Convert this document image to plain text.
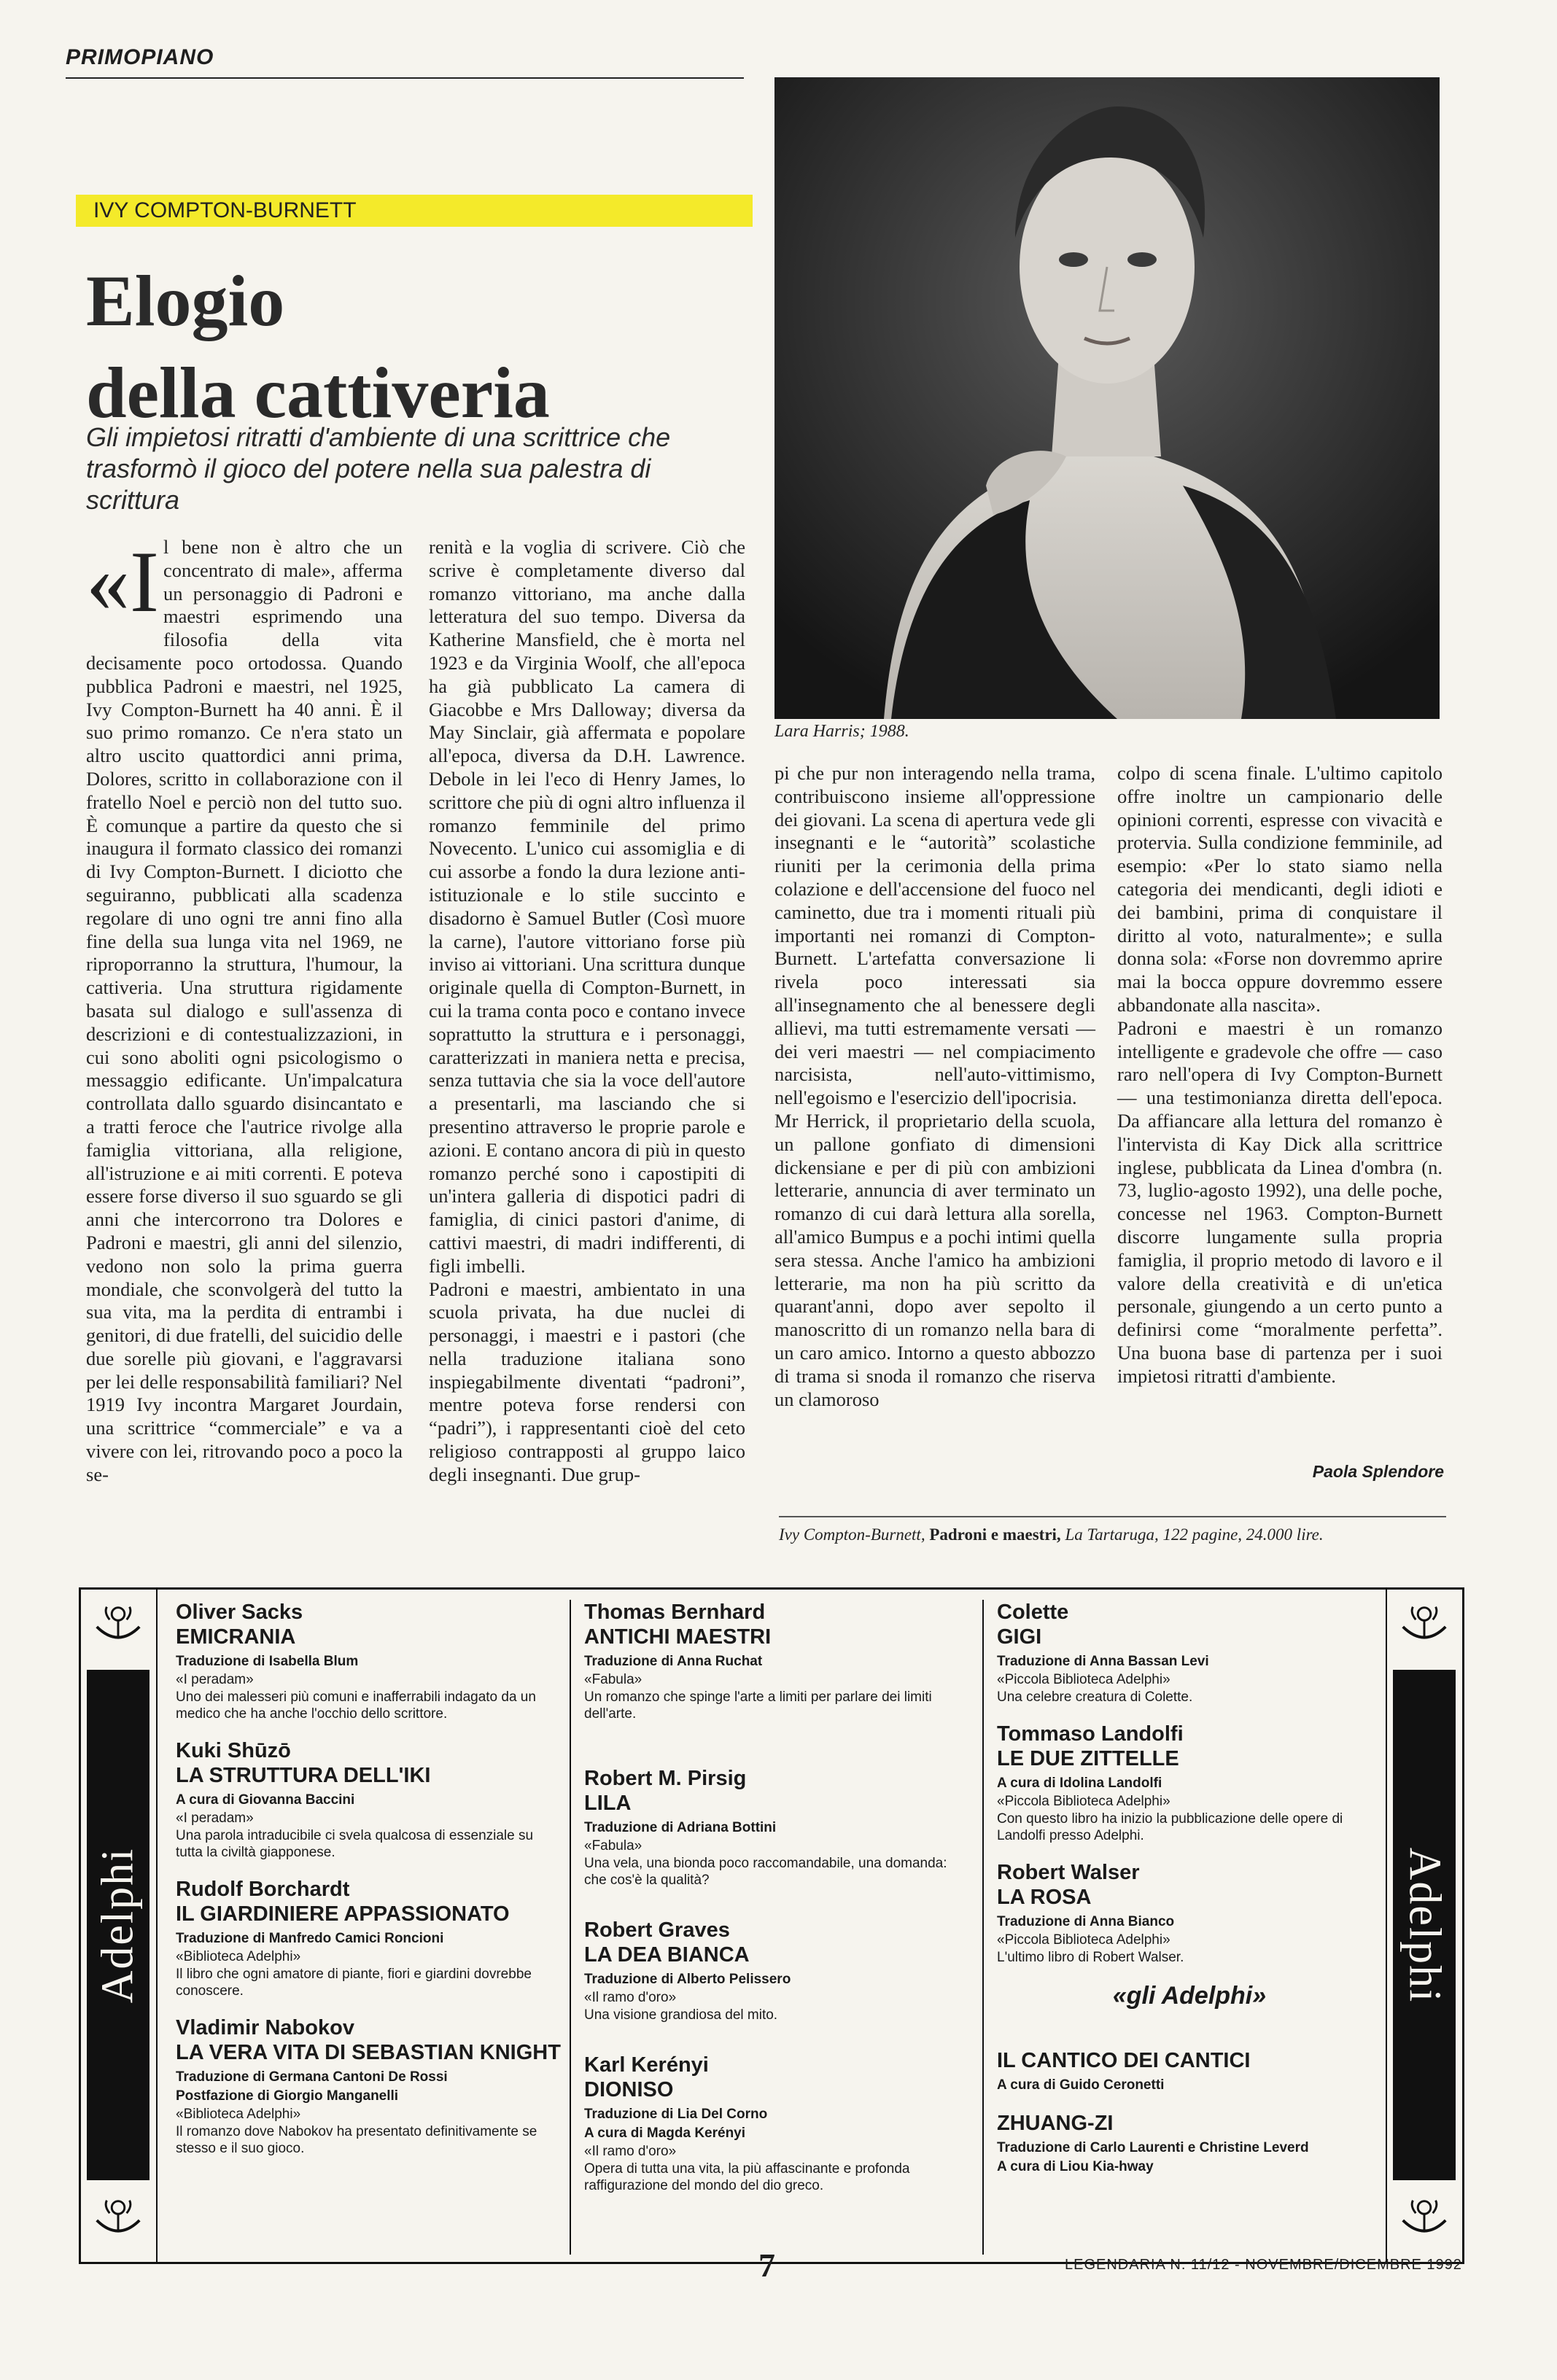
PRIMOPIANO
IVY COMPTON-BURNETT
Elogio
della cattiveria
Gli impietosi ritratti d'ambiente di una scrittrice che trasformò il gioco del potere nella sua palestra di scrittura
Lara Harris; 1988.

«Il bene non è altro che un concentrato di male», afferma un personaggio di Padroni e maestri esprimendo una filosofia della vita decisamente poco ortodossa. Quando pubblica Padroni e maestri, nel 1925, Ivy Compton-Burnett ha 40 anni. È il suo primo romanzo. Ce n'era stato un altro uscito quattordici anni prima, Dolores, scritto in collaborazione con il fratello Noel e perciò non del tutto suo. È comunque a partire da questo che si inaugura il formato classico dei romanzi di Ivy Compton-Burnett. I diciotto che seguiranno, pubblicati alla scadenza regolare di uno ogni tre anni fino alla fine della sua lunga vita nel 1969, ne riproporranno la struttura, l'humour, la cattiveria. Una struttura rigidamente basata sul dialogo e sull'assenza di descrizioni e di contestualizzazioni, in cui sono aboliti ogni psicologismo o messaggio edificante. Un'impalcatura controllata dallo sguardo disincantato e a tratti feroce che l'autrice rivolge alla famiglia vittoriana, alla religione, all'istruzione e ai miti correnti. E poteva essere forse diverso il suo sguardo se gli anni che intercorrono tra Dolores e Padroni e maestri, gli anni del silenzio, vedono non solo la prima guerra mondiale, che sconvolgerà del tutto la sua vita, ma la perdita di entrambi i genitori, di due fratelli, del suicidio delle due sorelle più giovani, e l'aggravarsi per lei delle responsabilità familiari? Nel 1919 Ivy incontra Margaret Jourdain, una scrittrice “commerciale” e va a vivere con lei, ritrovando poco a poco la se-

renità e la voglia di scrivere. Ciò che scrive è completamente diverso dal romanzo vittoriano, ma anche dalla letteratura del suo tempo. Diversa da Katherine Mansfield, che è morta nel 1923 e da Virginia Woolf, che all'epoca ha già pubblicato La camera di Giacobbe e Mrs Dalloway; diversa da May Sinclair, già affermata e popolare all'epoca, diversa da D.H. Lawrence. Debole in lei l'eco di Henry James, lo scrittore che più di ogni altro influenza il romanzo femminile del primo Novecento. L'unico cui assomiglia e di cui assorbe a fondo la dura lezione anti-istituzionale e lo stile succinto e disadorno è Samuel Butler (Così muore la carne), l'autore vittoriano forse più inviso ai vittoriani. Una scrittura dunque originale quella di Compton-Burnett, in cui la trama conta poco e contano invece soprattutto la struttura e i personaggi, caratterizzati in maniera netta e precisa, senza tuttavia che sia la voce dell'autore a presentarli, ma lasciando che si presentino attraverso le proprie parole e azioni. E contano ancora di più in questo romanzo perché sono i capostipiti di un'intera galleria di dispotici padri di famiglia, di cinici pastori d'anime, di cattivi maestri, di madri indifferenti, di figli imbelli.

Padroni e maestri, ambientato in una scuola privata, ha due nuclei di personaggi, i maestri e i pastori (che nella traduzione italiana sono inspiegabilmente diventati “padroni”, mentre poteva forse rendersi con “padri”), i rappresentanti cioè del ceto religioso contrapposti al gruppo laico degli insegnanti. Due grup-

pi che pur non interagendo nella trama, contribuiscono insieme all'oppressione dei giovani. La scena di apertura vede gli insegnanti e le “autorità” scolastiche riuniti per la cerimonia della prima colazione e dell'accensione del fuoco nel caminetto, due tra i momenti rituali più importanti nei romanzi di Compton-Burnett. L'artefatta conversazione li rivela poco interessati sia all'insegnamento che al benessere degli allievi, ma tutti estremamente versati — dei veri maestri — nel compiacimento narcisista, nell'auto-vittimismo, nell'egoismo e l'esercizio dell'ipocrisia.

Mr Herrick, il proprietario della scuola, un pallone gonfiato di dimensioni dickensiane e per di più con ambizioni letterarie, annuncia di aver terminato un romanzo di cui darà lettura alla sorella, all'amico Bumpus e a pochi intimi quella sera stessa. Anche l'amico ha ambizioni letterarie, ma non ha più scritto da quarant'anni, dopo aver sepolto il manoscritto di un romanzo nella bara di un caro amico. Intorno a questo abbozzo di trama si snoda il romanzo che riserva un clamoroso

colpo di scena finale. L'ultimo capitolo offre inoltre un campionario delle opinioni correnti, espresse con vivacità e protervia. Sulla condizione femminile, ad esempio: «Per lo stato siamo nella categoria dei mendicanti, degli idioti e dei bambini, prima di conquistare il diritto al voto, naturalmente»; e sulla donna sola: «Forse non dovremmo aprire mai la bocca oppure dovremmo essere abbandonate alla nascita».

Padroni e maestri è un romanzo intelligente e gradevole che offre — caso raro nell'opera di Ivy Compton-Burnett — una testimonianza diretta dell'epoca. Da affiancare alla lettura del romanzo è l'intervista di Kay Dick alla scrittrice inglese, pubblicata da Linea d'ombra (n. 73, luglio-agosto 1992), una delle poche, concesse nel 1963. Compton-Burnett discorre lungamente sulla propria famiglia, il proprio metodo di lavoro e il valore della creatività e di un'etica personale, giungendo a un certo punto a definirsi come “moralmente perfetta”. Una buona base di partenza per i suoi impietosi ritratti d'ambiente.

Paola Splendore
Ivy Compton-Burnett, Padroni e maestri, La Tartaruga, 122 pagine, 24.000 lire.
Adelphi
Oliver Sacks
EMICRANIA
Traduzione di Isabella Blum
«I peradam»
Uno dei malesseri più comuni e inafferrabili indagato da un medico che ha anche l'occhio dello scrittore.
Kuki Shūzō
LA STRUTTURA DELL'IKI
A cura di Giovanna Baccini
«I peradam»
Una parola intraducibile ci svela qualcosa di essenziale su tutta la civiltà giapponese.
Rudolf Borchardt
IL GIARDINIERE APPASSIONATO
Traduzione di Manfredo Camici Roncioni
«Biblioteca Adelphi»
Il libro che ogni amatore di piante, fiori e giardini dovrebbe conoscere.
Vladimir Nabokov
LA VERA VITA DI SEBASTIAN KNIGHT
Traduzione di Germana Cantoni De Rossi
Postfazione di Giorgio Manganelli
«Biblioteca Adelphi»
Il romanzo dove Nabokov ha presentato definitivamente se stesso e il suo gioco.
Thomas Bernhard
ANTICHI MAESTRI
Traduzione di Anna Ruchat
«Fabula»
Un romanzo che spinge l'arte a limiti per parlare dei limiti dell'arte.
Robert M. Pirsig
LILA
Traduzione di Adriana Bottini
«Fabula»
Una vela, una bionda poco raccomandabile, una domanda: che cos'è la qualità?
Robert Graves
LA DEA BIANCA
Traduzione di Alberto Pelissero
«Il ramo d'oro»
Una visione grandiosa del mito.
Karl Kerényi
DIONISO
Traduzione di Lia Del Corno
A cura di Magda Kerényi
«Il ramo d'oro»
Opera di tutta una vita, la più affascinante e profonda raffigurazione del mondo del dio greco.
Colette
GIGI
Traduzione di Anna Bassan Levi
«Piccola Biblioteca Adelphi»
Una celebre creatura di Colette.
Tommaso Landolfi
LE DUE ZITTELLE
A cura di Idolina Landolfi
«Piccola Biblioteca Adelphi»
Con questo libro ha inizio la pubblicazione delle opere di Landolfi presso Adelphi.
Robert Walser
LA ROSA
Traduzione di Anna Bianco
«Piccola Biblioteca Adelphi»
L'ultimo libro di Robert Walser.
«gli Adelphi»
IL CANTICO DEI CANTICI
A cura di Guido Ceronetti
ZHUANG-ZI
Traduzione di Carlo Laurenti e Christine Leverd
A cura di Liou Kia-hway
Adelphi
7	LEGENDARIA N. 11/12 - NOVEMBRE/DICEMBRE 1992
